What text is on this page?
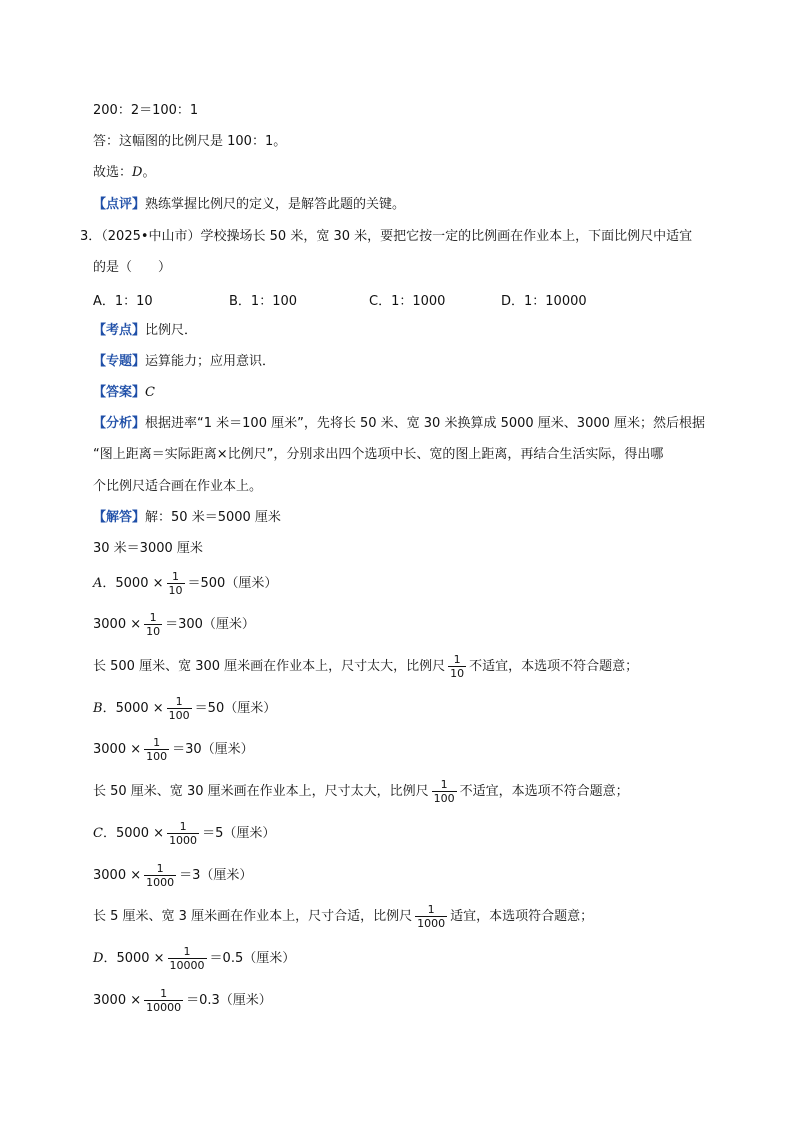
200：2＝100：1
答：这幅图的比例尺是 100：1。
故选：D。
【点评】熟练掌握比例尺的定义，是解答此题的关键。
3．（2025•中山市）学校操场长 50 米，宽 30 米，要把它按一定的比例画在作业本上，下面比例尺中适宜
的是（　　）
A．1：10	B．1：100	C．1：1000	D．1：10000
【考点】比例尺．
【专题】运算能力；应用意识．
【答案】C
【分析】根据进率“1 米＝100 厘米”，先将长 50 米、宽 30 米换算成 5000 厘米、3000 厘米；然后根据
“图上距离＝实际距离×比例尺”，分别求出四个选项中长、宽的图上距离，再结合生活实际，得出哪
个比例尺适合画在作业本上。
【解答】解：50 米＝5000 厘米
30 米＝3000 厘米
A．$5000 \times \frac{1}{10} =500$（厘米）
$3000 \times \frac{1}{10} =300$（厘米）
长 500 厘米、宽 300 厘米画在作业本上，尺寸太大，比例尺 $\frac{1}{10}$ 不适宜，本选项不符合题意；
B．$5000 \times \frac{1}{100} =50$（厘米）
$3000 \times \frac{1}{100} =30$（厘米）
长 50 厘米、宽 30 厘米画在作业本上，尺寸太大，比例尺 $\frac{1}{100}$ 不适宜，本选项不符合题意；
C．$5000 \times \frac{1}{1000} =5$（厘米）
$3000 \times \frac{1}{1000} =3$（厘米）
长 5 厘米、宽 3 厘米画在作业本上，尺寸合适，比例尺 $\frac{1}{1000}$ 适宜，本选项符合题意；
D．$5000 \times \frac{1}{10000} =0.5$（厘米）
$3000 \times \frac{1}{10000} =0.3$（厘米）
